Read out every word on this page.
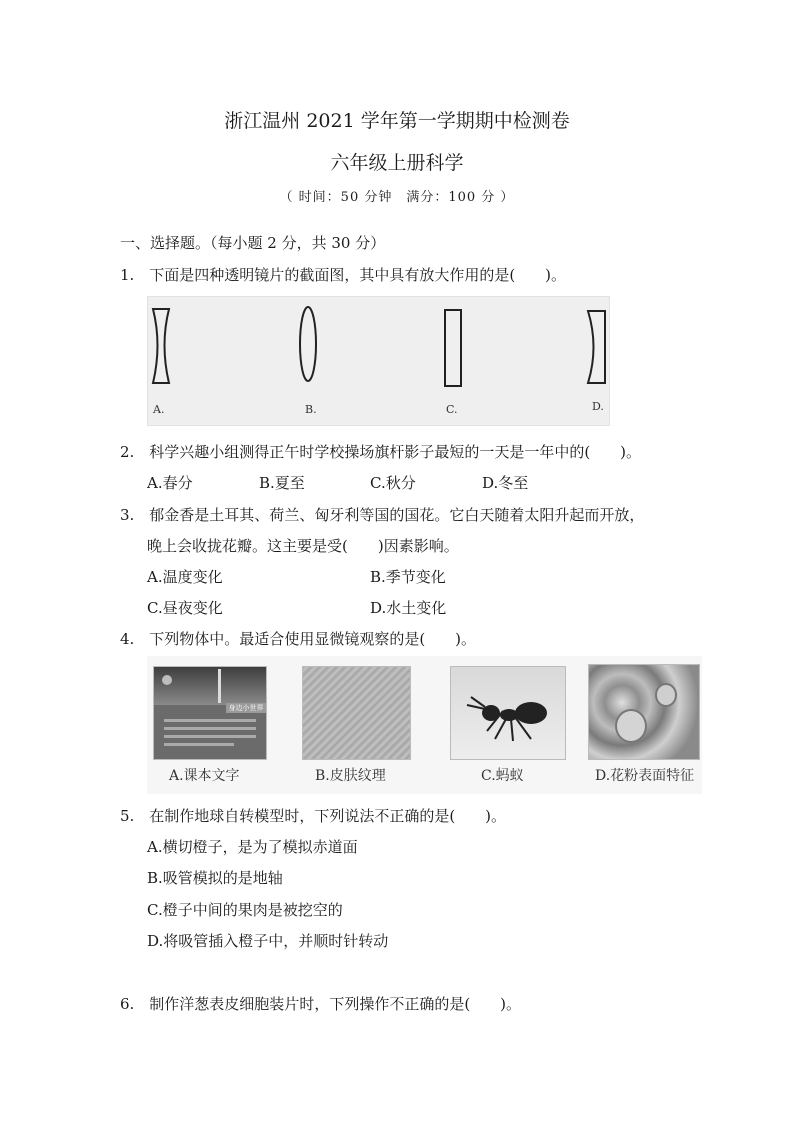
浙江温州 2021 学年第一学期期中检测卷
六年级上册科学
（ 时间：50 分钟　满分：100 分 ）
一、选择题。（每小题 2 分，共 30 分）
1.　下面是四种透明镜片的截面图，其中具有放大作用的是(　　)。
A.	B.	C.	D.
2.　科学兴趣小组测得正午时学校操场旗杆影子最短的一天是一年中的(　　)。
A.春分	B.夏至	C.秋分	D.冬至
3.　郁金香是土耳其、荷兰、匈牙利等国的国花。它白天随着太阳升起而开放，
晚上会收拢花瓣。这主要是受(　　)因素影响。
A.温度变化	B.季节变化
C.昼夜变化	D.水土变化
4.　下列物体中。最适合使用显微镜观察的是(　　)。
身边小世界
A.课本文字	B.皮肤纹理	C.蚂蚁	D.花粉表面特征
5.　在制作地球自转模型时，下列说法不正确的是(　　)。
A.横切橙子，是为了模拟赤道面
B.吸管模拟的是地轴
C.橙子中间的果肉是被挖空的
D.将吸管插入橙子中，并顺时针转动
6.　制作洋葱表皮细胞装片时，下列操作不正确的是(　　)。
